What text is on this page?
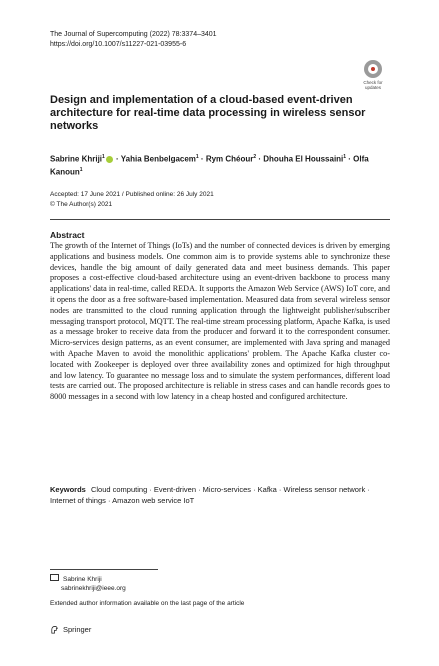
The Journal of Supercomputing (2022) 78:3374–3401
https://doi.org/10.1007/s11227-021-03955-6
Check for
updates
Design and implementation of a cloud-based event-driven architecture for real-time data processing in wireless sensor networks
Sabrine Khriji$^1$ · Yahia Benbelgacem$^1$ · Rym Chéour$^2$ · Dhouha El Houssaini$^1$ · Olfa Kanoun$^1$
Accepted: 17 June 2021 / Published online: 26 July 2021
© The Author(s) 2021
Abstract
The growth of the Internet of Things (IoTs) and the number of connected devices is driven by emerging applications and business models. One common aim is to provide systems able to synchronize these devices, handle the big amount of daily generated data and meet business demands. This paper proposes a cost-effective cloud-based architecture using an event-driven backbone to process many applications' data in real-time, called REDA. It supports the Amazon Web Service (AWS) IoT core, and it opens the door as a free software-based implementation. Measured data from several wireless sensor nodes are transmitted to the cloud running application through the lightweight publisher/subscriber messaging transport protocol, MQTT. The real-time stream processing platform, Apache Kafka, is used as a message broker to receive data from the producer and forward it to the correspondent consumer. Micro-services design patterns, as an event consumer, are implemented with Java spring and managed with Apache Maven to avoid the monolithic applications' problem. The Apache Kafka cluster co-located with Zookeeper is deployed over three availability zones and optimized for high throughput and low latency. To guarantee no message loss and to simulate the system performances, different load tests are carried out. The proposed architecture is reliable in stress cases and can handle records goes to 8000 messages in a second with low latency in a cheap hosted and configured architecture.
Keywords Cloud computing · Event-driven · Micro-services · Kafka · Wireless sensor network · Internet of things · Amazon web service IoT
Sabrine Khriji
sabrinekhriji@ieee.org
Extended author information available on the last page of the article
Springer
